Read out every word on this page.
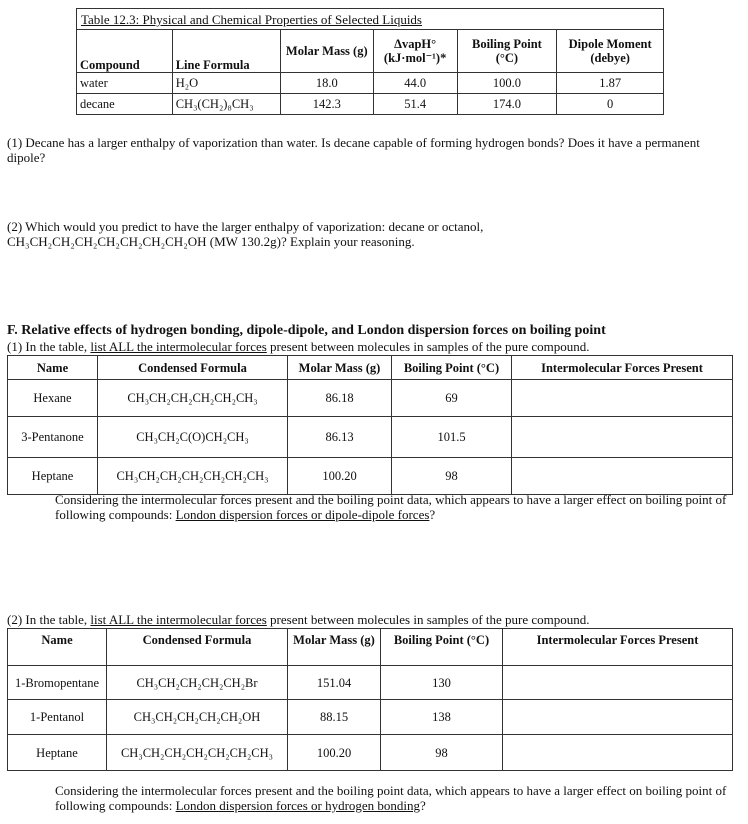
Table 12.3: Physical and Chemical Properties of Selected Liquids
Compound	Line Formula	Molar Mass (g)	ΔvapH° (kJ·mol⁻¹)*	Boiling Point (°C)	Dipole Moment (debye)
water	H₂O	18.0	44.0	100.0	1.87
decane	CH₃(CH₂)₈CH₃	142.3	51.4	174.0	0
(1) Decane has a larger enthalpy of vaporization than water. Is decane capable of forming hydrogen bonds? Does it have a permanent dipole?
(2) Which would you predict to have the larger enthalpy of vaporization: decane or octanol, CH₃CH₂CH₂CH₂CH₂CH₂CH₂CH₂OH (MW 130.2g)? Explain your reasoning.
F. Relative effects of hydrogen bonding, dipole-dipole, and London dispersion forces on boiling point
(1) In the table, list ALL the intermolecular forces present between molecules in samples of the pure compound.
Name	Condensed Formula	Molar Mass (g)	Boiling Point (°C)	Intermolecular Forces Present
Hexane	CH₃CH₂CH₂CH₂CH₂CH₃	86.18	69	
3-Pentanone	CH₃CH₂C(O)CH₂CH₃	86.13	101.5	
Heptane	CH₃CH₂CH₂CH₂CH₂CH₂CH₃	100.20	98	
Considering the intermolecular forces present and the boiling point data, which appears to have a larger effect on boiling point of following compounds: London dispersion forces or dipole-dipole forces?
(2) In the table, list ALL the intermolecular forces present between molecules in samples of the pure compound.
Name	Condensed Formula	Molar Mass (g)	Boiling Point (°C)	Intermolecular Forces Present
1-Bromopentane	CH₃CH₂CH₂CH₂CH₂Br	151.04	130	
1-Pentanol	CH₃CH₂CH₂CH₂CH₂OH	88.15	138	
Heptane	CH₃CH₂CH₂CH₂CH₂CH₂CH₃	100.20	98	
Considering the intermolecular forces present and the boiling point data, which appears to have a larger effect on boiling point of following compounds: London dispersion forces or hydrogen bonding?
